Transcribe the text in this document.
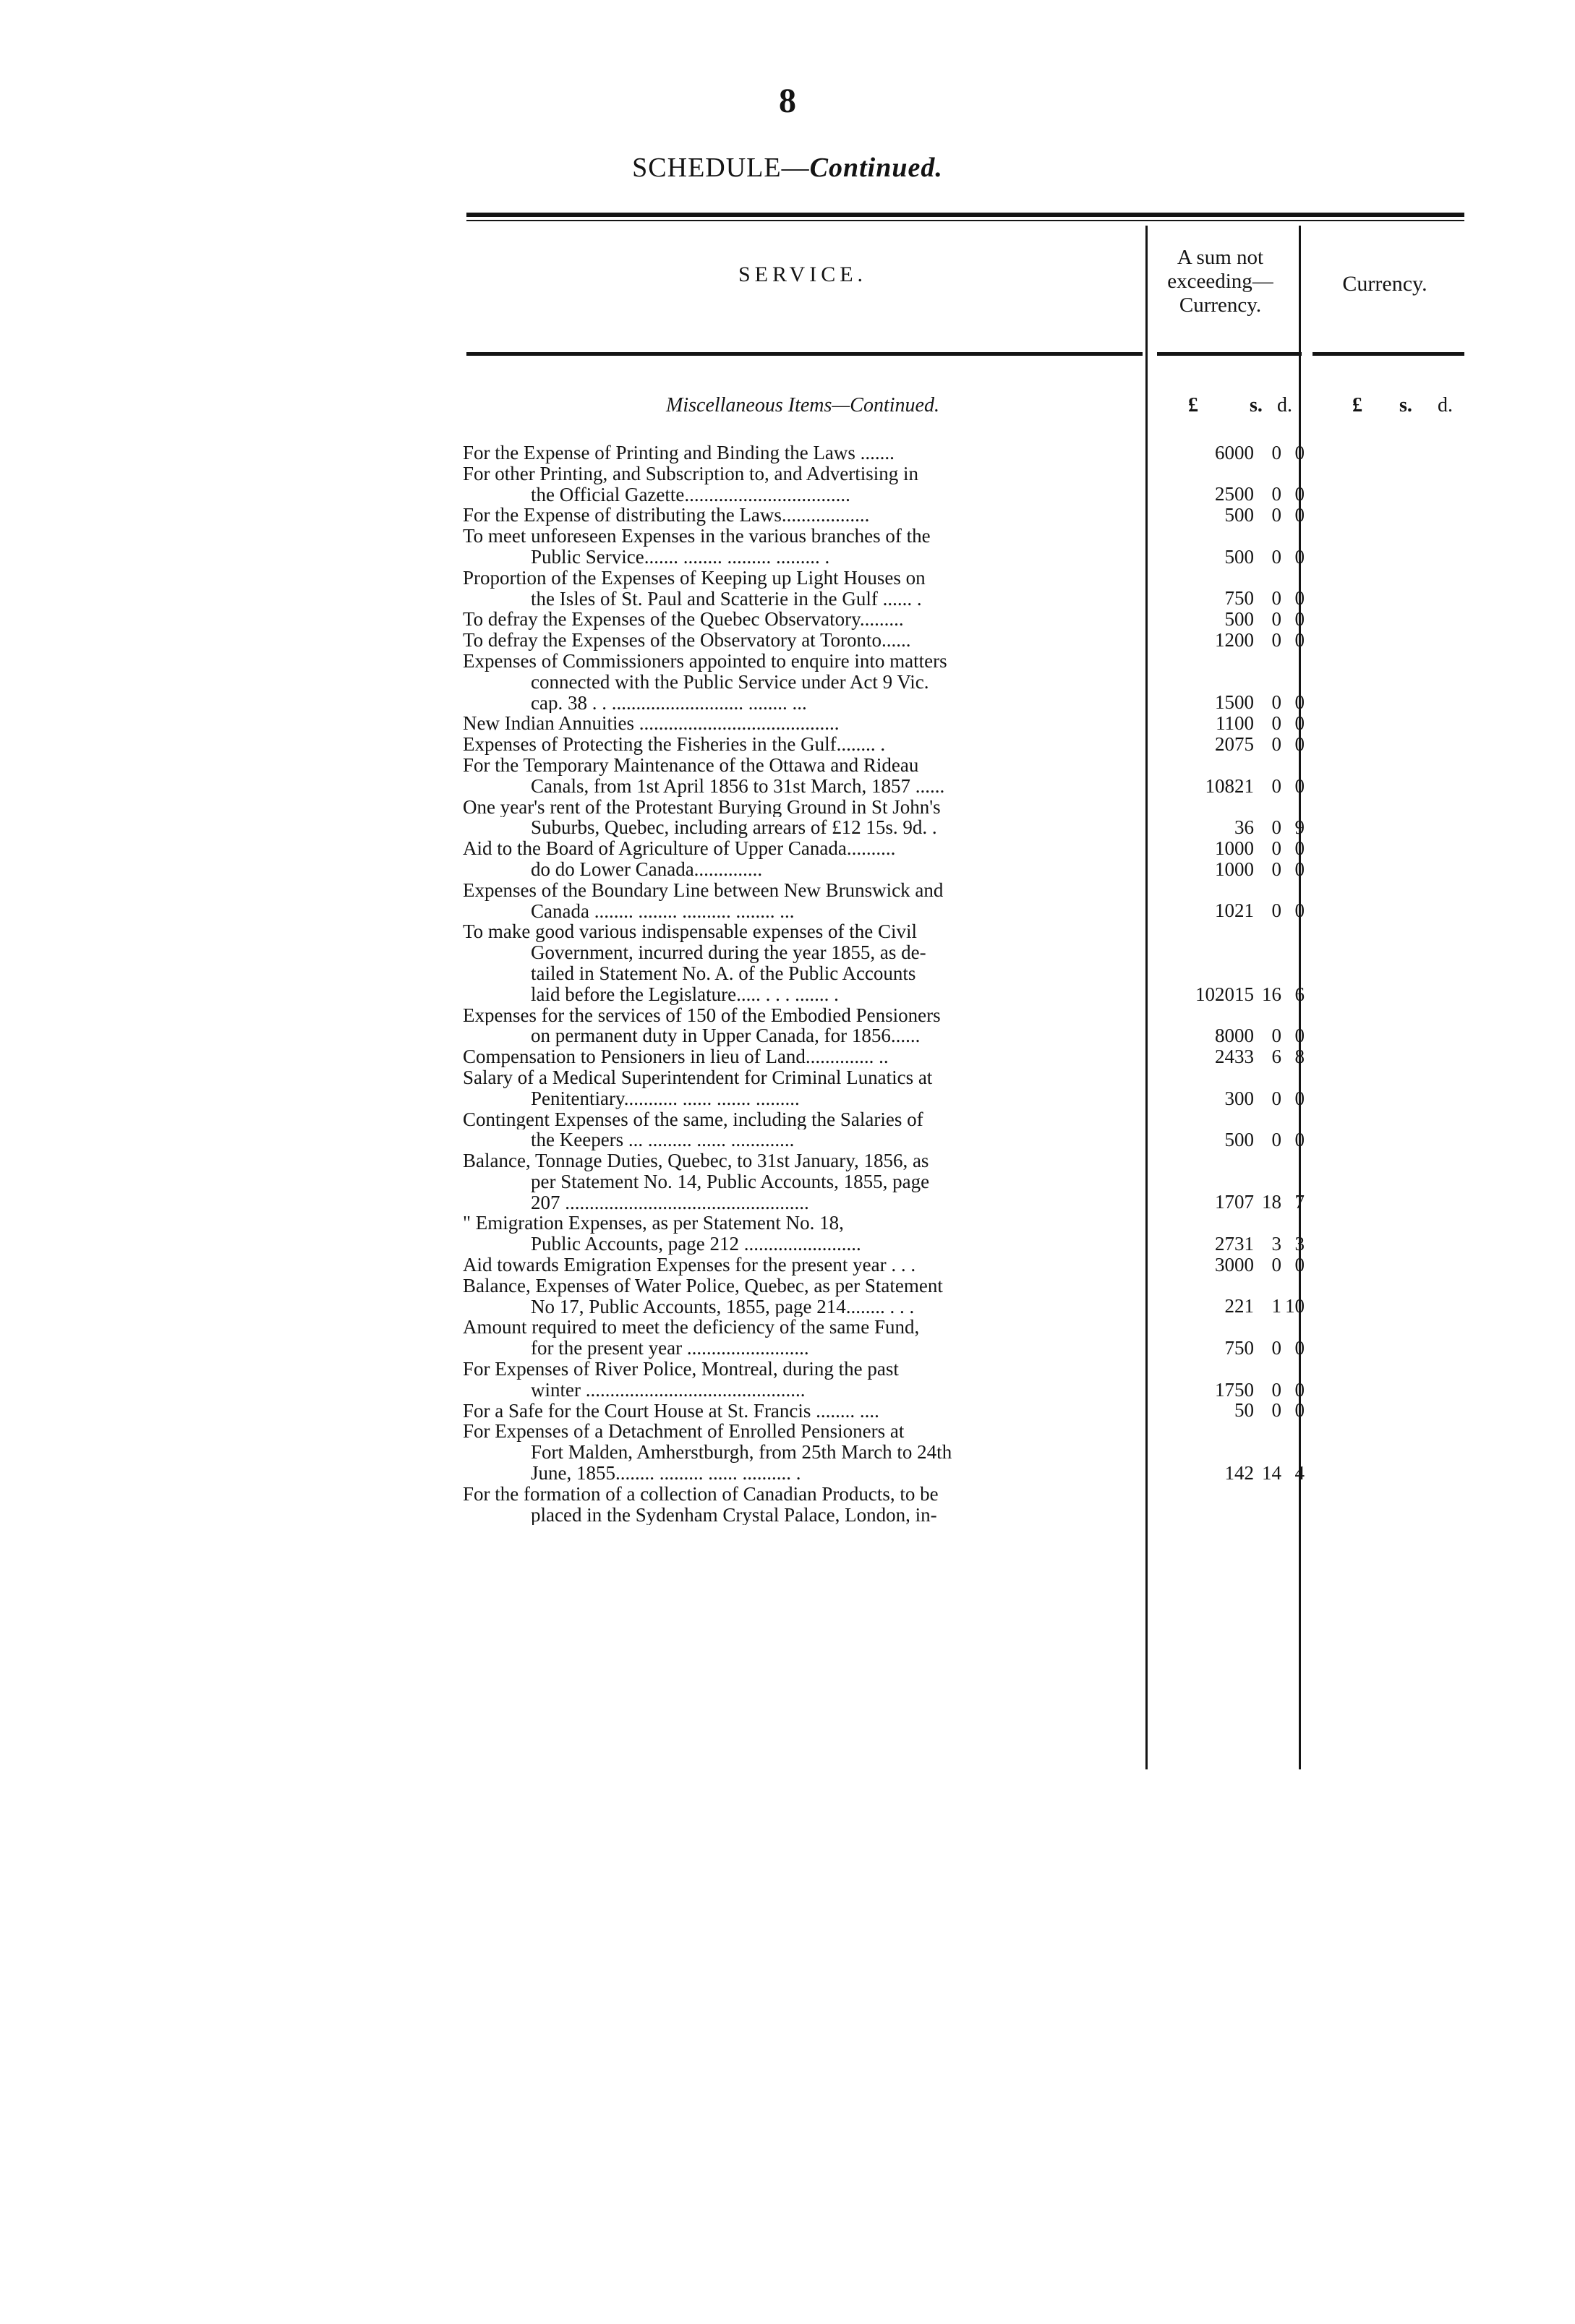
8
SCHEDULE—Continued.
SERVICE.
A sum not
exceeding—
Currency.
Currency.
Miscellaneous Items—Continued.	£	s. d.	£ s. d.
For the Expense of Printing and Binding the Laws .......	6000 0 0
For other Printing, and Subscription to, and Advertising in
the Official Gazette..................................	2500 0 0
For the Expense of distributing the Laws..................	500 0 0
To meet unforeseen Expenses in the various branches of the
Public Service....... ........ ......... ......... .	500 0 0
Proportion of the Expenses of Keeping up Light Houses on
the Isles of St. Paul and Scatterie in the Gulf ...... .	750 0 0
To defray the Expenses of the Quebec Observatory.........	500 0 0
To defray the Expenses of the Observatory at Toronto......	1200 0 0
Expenses of Commissioners appointed to enquire into matters
connected with the Public Service under Act 9 Vic.
cap. 38 . . ........................... ........ ...	1500 0 0
New Indian Annuities .........................................	1100 0 0
Expenses of Protecting the Fisheries in the Gulf........ .	2075 0 0
For the Temporary Maintenance of the Ottawa and Rideau
Canals, from 1st April 1856 to 31st March, 1857 ......	10821 0 0
One year's rent of the Protestant Burying Ground in St John's
Suburbs, Quebec, including arrears of £12 15s. 9d. .	36 0 9
Aid to the Board of Agriculture of Upper Canada..........	1000 0 0
do do Lower Canada..............	1000 0 0
Expenses of the Boundary Line between New Brunswick and
Canada ........ ........ .......... ........ ...	1021 0 0
To make good various indispensable expenses of the Civil
Government, incurred during the year 1855, as de-
tailed in Statement No. A. of the Public Accounts
laid before the Legislature..... . . . ....... .	102015 16 6
Expenses for the services of 150 of the Embodied Pensioners
on permanent duty in Upper Canada, for 1856......	8000 0 0
Compensation to Pensioners in lieu of Land.............. ..	2433 6 8
Salary of a Medical Superintendent for Criminal Lunatics at
Penitentiary........... ...... ....... .........	300 0 0
Contingent Expenses of the same, including the Salaries of
the Keepers ... ......... ...... .............	500 0 0
Balance, Tonnage Duties, Quebec, to 31st January, 1856, as
per Statement No. 14, Public Accounts, 1855, page
207 ..................................................	1707 18 7
" Emigration Expenses, as per Statement No. 18,
Public Accounts, page 212 ........................	2731 3 3
Aid towards Emigration Expenses for the present year . . .	3000 0 0
Balance, Expenses of Water Police, Quebec, as per Statement
No 17, Public Accounts, 1855, page 214........ . . .	221 1 10
Amount required to meet the deficiency of the same Fund,
for the present year .........................	750 0 0
For Expenses of River Police, Montreal, during the past
winter .............................................	1750 0 0
For a Safe for the Court House at St. Francis ........ ....	50 0 0
For Expenses of a Detachment of Enrolled Pensioners at
Fort Malden, Amherstburgh, from 25th March to 24th
June, 1855........ ......... ...... .......... .	142 14 4
For the formation of a collection of Canadian Products, to be
placed in the Sydenham Crystal Palace, London, in-
